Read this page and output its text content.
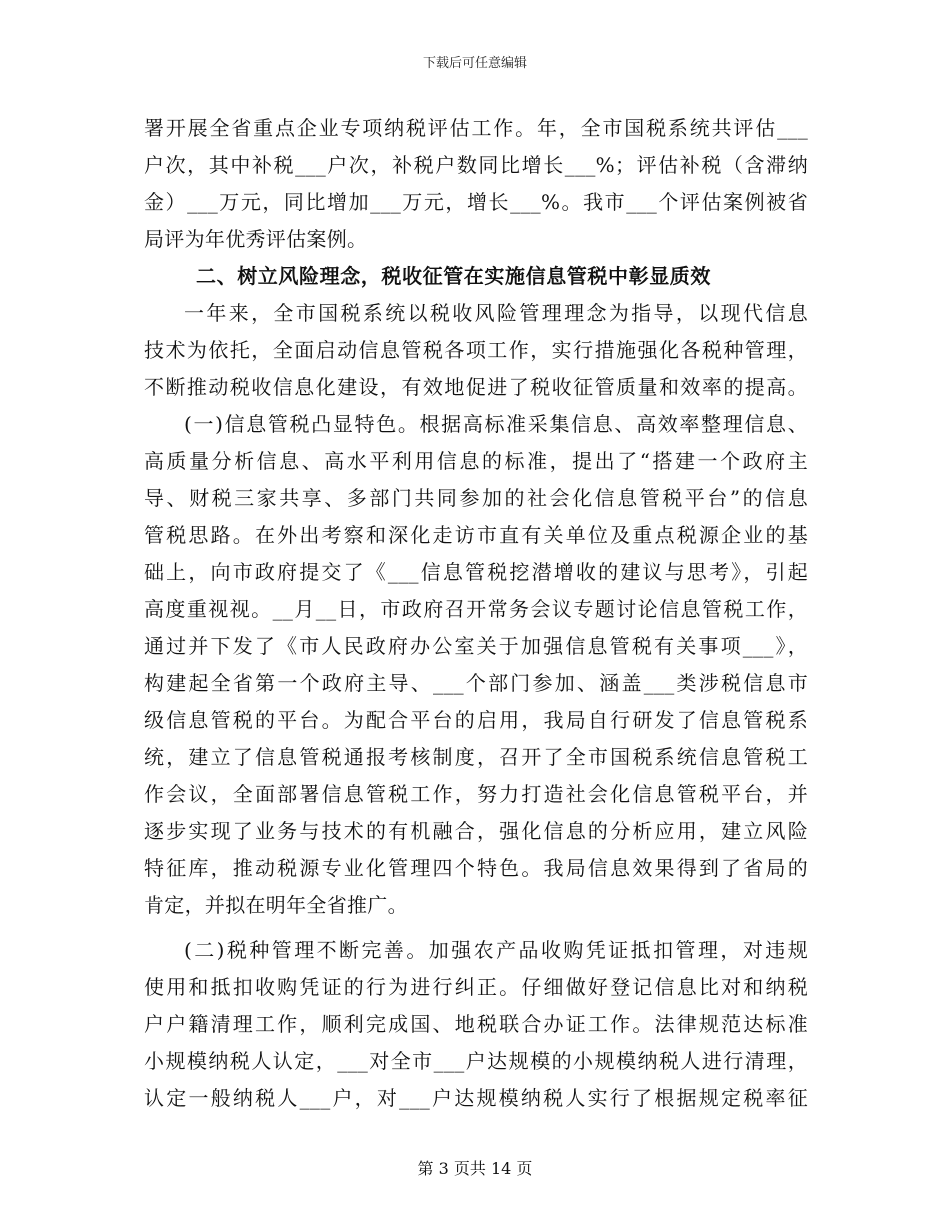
下载后可任意编辑
署开展全省重点企业专项纳税评估工作。年，全市国税系统共评估___
户次，其中补税___户次，补税户数同比增长___%；评估补税（含滞纳
金）___万元，同比增加___万元，增长___%。我市___个评估案例被省
局评为年优秀评估案例。
二、树立风险理念，税收征管在实施信息管税中彰显质效
一年来，全市国税系统以税收风险管理理念为指导，以现代信息
技术为依托，全面启动信息管税各项工作，实行措施强化各税种管理，
不断推动税收信息化建设，有效地促进了税收征管质量和效率的提高。
(一)信息管税凸显特色。根据高标准采集信息、高效率整理信息、
高质量分析信息、高水平利用信息的标准，提出了“搭建一个政府主
导、财税三家共享、多部门共同参加的社会化信息管税平台”的信息
管税思路。在外出考察和深化走访市直有关单位及重点税源企业的基
础上，向市政府提交了《___信息管税挖潜增收的建议与思考》，引起
高度重视视。__月__日，市政府召开常务会议专题讨论信息管税工作，
通过并下发了《市人民政府办公室关于加强信息管税有关事项___》，
构建起全省第一个政府主导、___个部门参加、涵盖___类涉税信息市
级信息管税的平台。为配合平台的启用，我局自行研发了信息管税系
统，建立了信息管税通报考核制度，召开了全市国税系统信息管税工
作会议，全面部署信息管税工作，努力打造社会化信息管税平台，并
逐步实现了业务与技术的有机融合，强化信息的分析应用，建立风险
特征库，推动税源专业化管理四个特色。我局信息效果得到了省局的
肯定，并拟在明年全省推广。
(二)税种管理不断完善。加强农产品收购凭证抵扣管理，对违规
使用和抵扣收购凭证的行为进行纠正。仔细做好登记信息比对和纳税
户户籍清理工作，顺利完成国、地税联合办证工作。法律规范达标准
小规模纳税人认定，___对全市___户达规模的小规模纳税人进行清理，
认定一般纳税人___户，对___户达规模纳税人实行了根据规定税率征
第 3 页共 14 页
